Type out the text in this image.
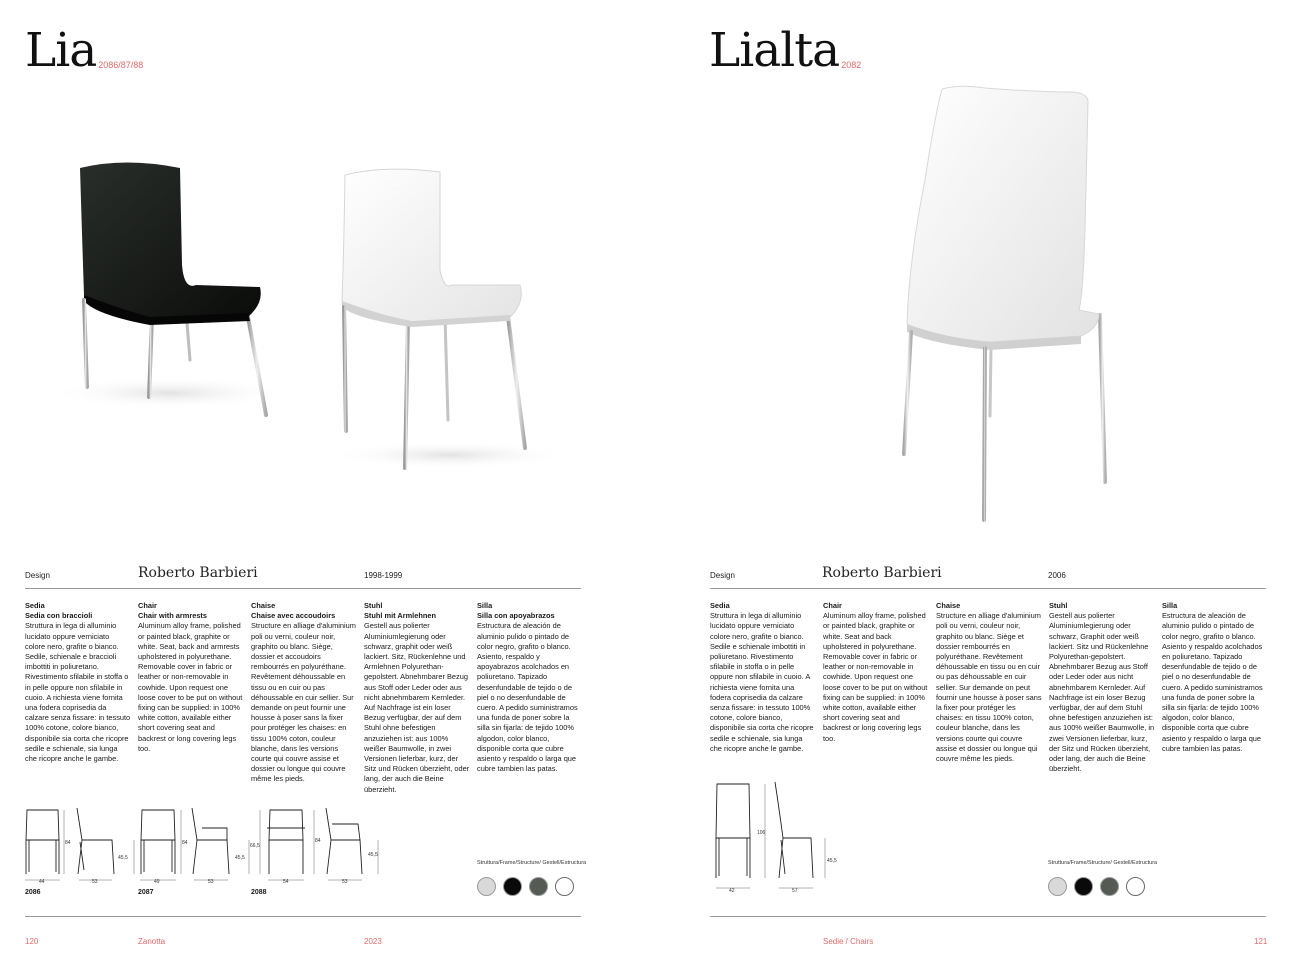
Lia $^{2086/87/88}$
Design	Roberto Barbieri	1998-1999
Sedia
Sedia con braccioli
Struttura in lega di alluminio lucidato oppure verniciato colore nero, grafite o bianco. Sedile, schienale e braccioli imbottiti in poliuretano. Rivestimento sfilabile in stoffa o in pelle oppure non sfilabile in cuoio. A richiesta viene fornita una fodera coprisedia da calzare senza fissare: in tessuto 100% cotone, colore bianco, disponibile sia corta che ricopre sedile e schienale, sia lunga che ricopre anche le gambe.
Chair
Chair with armrests
Aluminum alloy frame, polished or painted black, graphite or white. Seat, back and armrests upholstered in polyurethane. Removable cover in fabric or leather or non-removable in cowhide. Upon request one loose cover to be put on without fixing can be supplied: in 100% white cotton, available either short covering seat and backrest or long covering legs too.
Chaise
Chaise avec accoudoirs
Structure en alliage d'aluminium poli ou verni, couleur noir, graphito ou blanc. Siège, dossier et accoudoirs rembourrés en polyuréthane. Revêtement déhoussable en tissu ou en cuir ou pas déhoussable en cuir sellier. Sur demande on peut fournir une housse à poser sans la fixer pour protéger les chaises: en tissu 100% coton, couleur blanche, dans les versions courte qui couvre assise et dossier ou longue qui couvre même les pieds.
Stuhl
Stuhl mit Armlehnen
Gestell aus polierter Aluminiumlegierung oder schwarz, graphit oder weiß lackiert. Sitz, Rückenlehne und Armlehnen Polyurethan-gepolstert. Abnehmbarer Bezug aus Stoff oder Leder oder aus nicht abnehmbarem Kernleder. Auf Nachfrage ist ein loser Bezug verfügbar, der auf dem Stuhl ohne befestigen anzuziehen ist: aus 100% weißer Baumwolle, in zwei Versionen lieferbar, kurz, der Sitz und Rücken überzieht, oder lang, der auch die Beine überzieht.
Silla
Silla con apoyabrazos
Estructura de aleación de aluminio pulido o pintado de color negro, grafito o blanco. Asiento, respaldo y apoyabrazos acolchados en poliuretano. Tapizado desenfundable de tejido o de piel o no desenfundable de cuero. A pedido suministramos una funda de poner sobre la silla sin fijarla: de tejido 100% algodon, color blanco, disponible corta que cubre asiento y respaldo o larga que cubre tambien las patas.
84
45,5
44	53
84
45,5
49	53
66,5
84
45,5
54	53
2086	2087	2088
Struttura/Frame/Structure/ Gestell/Estructura
120	Zanotta	2023
Lialta $^{2082}$
Design	Roberto Barbieri	2006
Sedia
Struttura in lega di alluminio lucidato oppure verniciato colore nero, grafite o bianco. Sedile e schienale imbottiti in poliuretano. Rivestimento sfilabile in stoffa o in pelle oppure non sfilabile in cuoio. A richiesta viene fornita una fodera coprisedia da calzare senza fissare: in tessuto 100% cotone, colore bianco, disponibile sia corta che ricopre sedile e schienale, sia lunga che ricopre anche le gambe.
Chair
Aluminum alloy frame, polished or painted black, graphite or white. Seat and back upholstered in polyurethane. Removable cover in fabric or leather or non-removable in cowhide. Upon request one loose cover to be put on without fixing can be supplied: in 100% white cotton, available either short covering seat and backrest or long covering legs too.
Chaise
Structure en alliage d'aluminium poli ou verni, couleur noir, graphito ou blanc. Siège et dossier rembourrés en polyuréthane. Revêtement déhoussable en tissu ou en cuir ou pas déhoussable en cuir sellier. Sur demande on peut fournir une housse à poser sans la fixer pour protéger les chaises: en tissu 100% coton, couleur blanche, dans les versions courte qui couvre assise et dossier ou longue qui couvre même les pieds.
Stuhl
Gestell aus polierter Aluminiumlegierung oder schwarz, Graphit oder weiß lackiert. Sitz und Rückenlehne Polyurethan-gepolstert. Abnehmbarer Bezug aus Stoff oder Leder oder aus nicht abnehmbarem Kernleder. Auf Nachfrage ist ein loser Bezug verfügbar, der auf dem Stuhl ohne befestigen anzuziehen ist: aus 100% weißer Baumwolle, in zwei Versionen lieferbar, kurz, der Sitz und Rücken überzieht, oder lang, der auch die Beine überzieht.
Silla
Estructura de aleación de aluminio pulido o pintado de color negro, grafito o blanco. Asiento y respaldo acolchados en poliuretano. Tapizado desenfundable de tejido o de piel o no desenfundable de cuero. A pedido suministramos una funda de poner sobre la silla sin fijarla: de tejido 100% algodon, color blanco, disponible corta que cubre asiento y respaldo o larga que cubre tambien las patas.
106
45,5
42	57
Struttura/Frame/Structure/ Gestell/Estructura
Sedie / Chairs	121
